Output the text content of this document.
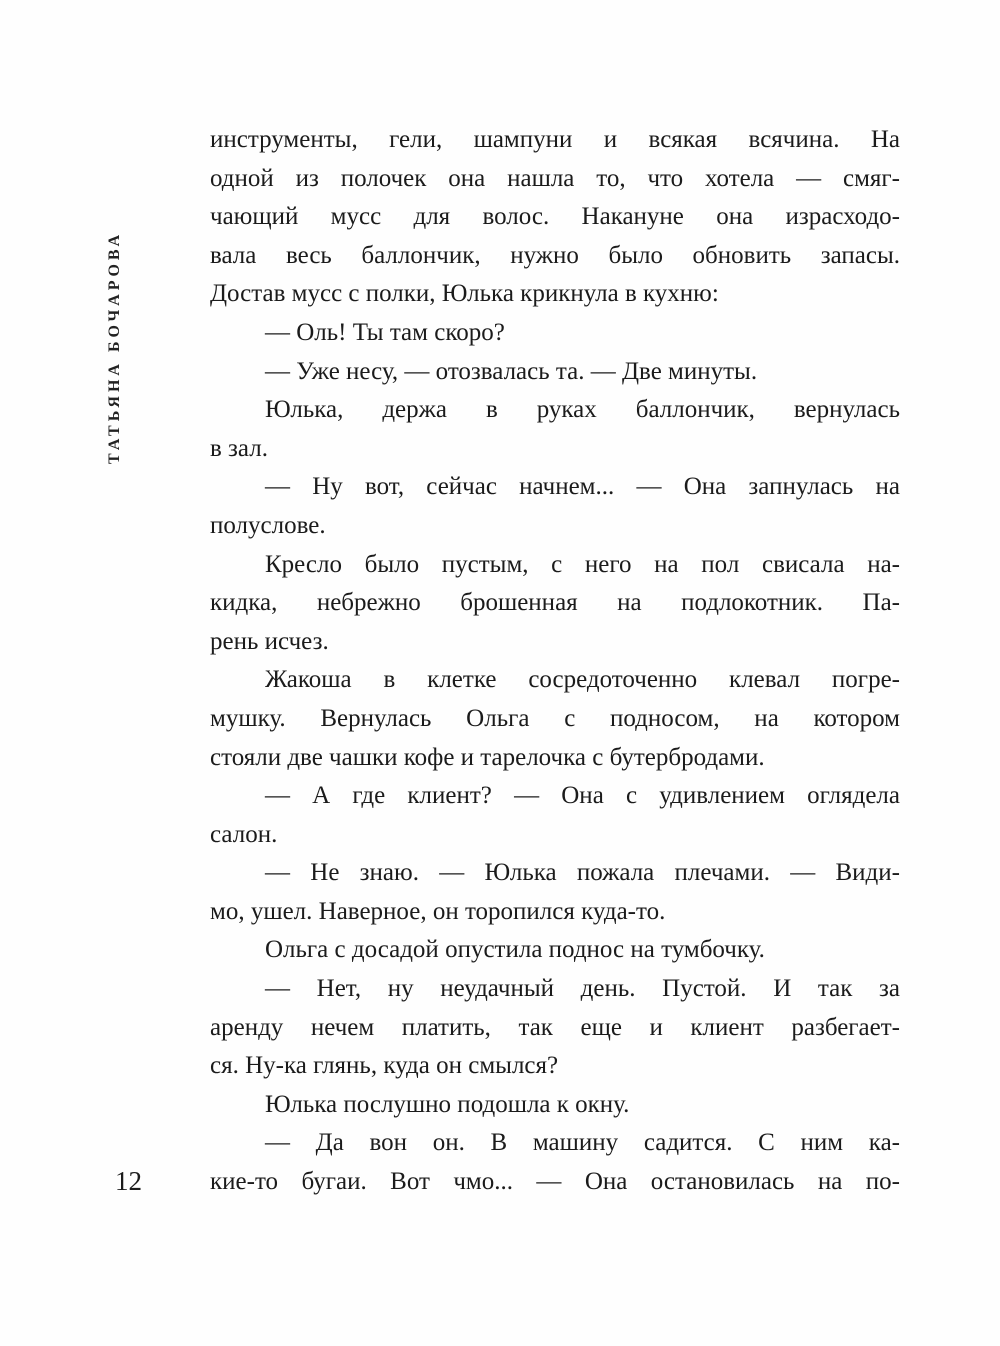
ТАТЬЯНА БОЧАРОВА
12
инструменты, гели, шампуни и всякая всячина. На
одной из полочек она нашла то, что хотела — смяг-
чающий мусс для волос. Накануне она израсходо-
вала весь баллончик, нужно было обновить запасы.
Достав мусс с полки, Юлька крикнула в кухню:
— Оль! Ты там скоро?
— Уже несу, — отозвалась та. — Две минуты.
Юлька, держа в руках баллончик, вернулась
в зал.
— Ну вот, сейчас начнем... — Она запнулась на
полуслове.
Кресло было пустым, с него на пол свисала на-
кидка, небрежно брошенная на подлокотник. Па-
рень исчез.
Жакоша в клетке сосредоточенно клевал погре-
мушку. Вернулась Ольга с подносом, на котором
стояли две чашки кофе и тарелочка с бутербродами.
— А где клиент? — Она с удивлением оглядела
салон.
— Не знаю. — Юлька пожала плечами. — Види-
мо, ушел. Наверное, он торопился куда-то.
Ольга с досадой опустила поднос на тумбочку.
— Нет, ну неудачный день. Пустой. И так за
аренду нечем платить, так еще и клиент разбегает-
ся. Ну-ка глянь, куда он смылся?
Юлька послушно подошла к окну.
— Да вон он. В машину садится. С ним ка-
кие-то бугаи. Вот чмо... — Она остановилась на по-
